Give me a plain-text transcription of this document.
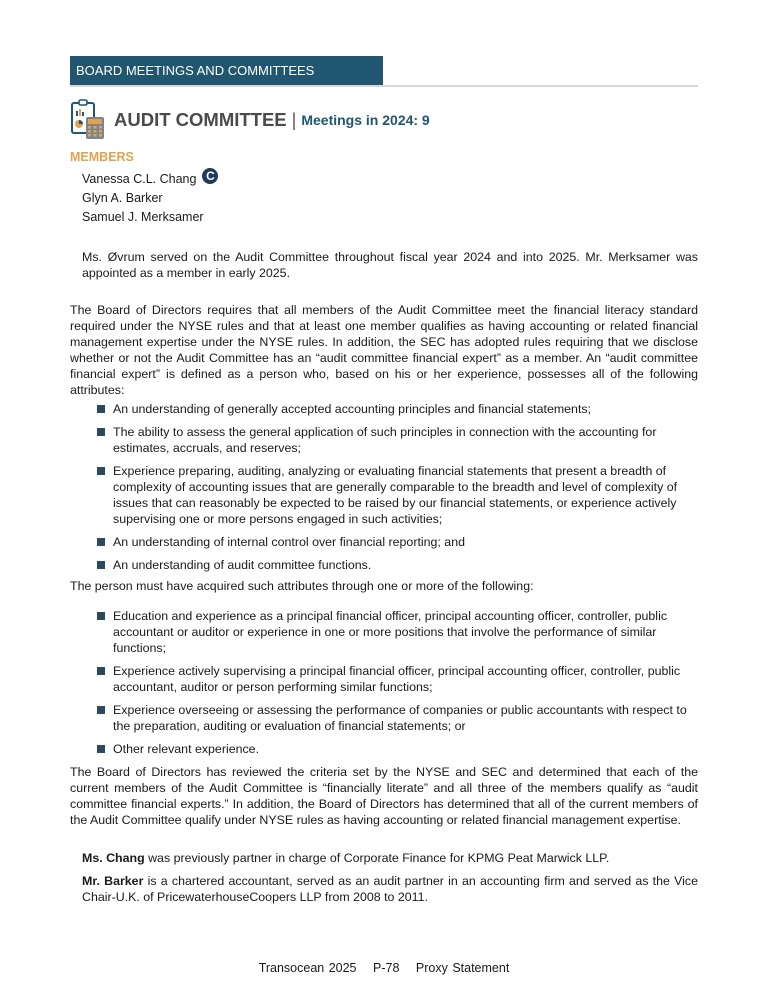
BOARD MEETINGS AND COMMITTEES
AUDIT COMMITTEE | Meetings in 2024: 9
MEMBERS
Vanessa C.L. Chang C
Glyn A. Barker
Samuel J. Merksamer
Ms. Øvrum served on the Audit Committee throughout fiscal year 2024 and into 2025. Mr. Merksamer was appointed as a member in early 2025.
The Board of Directors requires that all members of the Audit Committee meet the financial literacy standard required under the NYSE rules and that at least one member qualifies as having accounting or related financial management expertise under the NYSE rules. In addition, the SEC has adopted rules requiring that we disclose whether or not the Audit Committee has an “audit committee financial expert” as a member. An “audit committee financial expert” is defined as a person who, based on his or her experience, possesses all of the following attributes:
An understanding of generally accepted accounting principles and financial statements;
The ability to assess the general application of such principles in connection with the accounting for estimates, accruals, and reserves;
Experience preparing, auditing, analyzing or evaluating financial statements that present a breadth of complexity of accounting issues that are generally comparable to the breadth and level of complexity of issues that can reasonably be expected to be raised by our financial statements, or experience actively supervising one or more persons engaged in such activities;
An understanding of internal control over financial reporting; and
An understanding of audit committee functions.
The person must have acquired such attributes through one or more of the following:
Education and experience as a principal financial officer, principal accounting officer, controller, public accountant or auditor or experience in one or more positions that involve the performance of similar functions;
Experience actively supervising a principal financial officer, principal accounting officer, controller, public accountant, auditor or person performing similar functions;
Experience overseeing or assessing the performance of companies or public accountants with respect to the preparation, auditing or evaluation of financial statements; or
Other relevant experience.
The Board of Directors has reviewed the criteria set by the NYSE and SEC and determined that each of the current members of the Audit Committee is “financially literate” and all three of the members qualify as “audit committee financial experts.” In addition, the Board of Directors has determined that all of the current members of the Audit Committee qualify under NYSE rules as having accounting or related financial management expertise.
Ms. Chang was previously partner in charge of Corporate Finance for KPMG Peat Marwick LLP.
Mr. Barker is a chartered accountant, served as an audit partner in an accounting firm and served as the Vice Chair-U.K. of PricewaterhouseCoopers LLP from 2008 to 2011.
Transocean 2025 P-78 Proxy Statement
